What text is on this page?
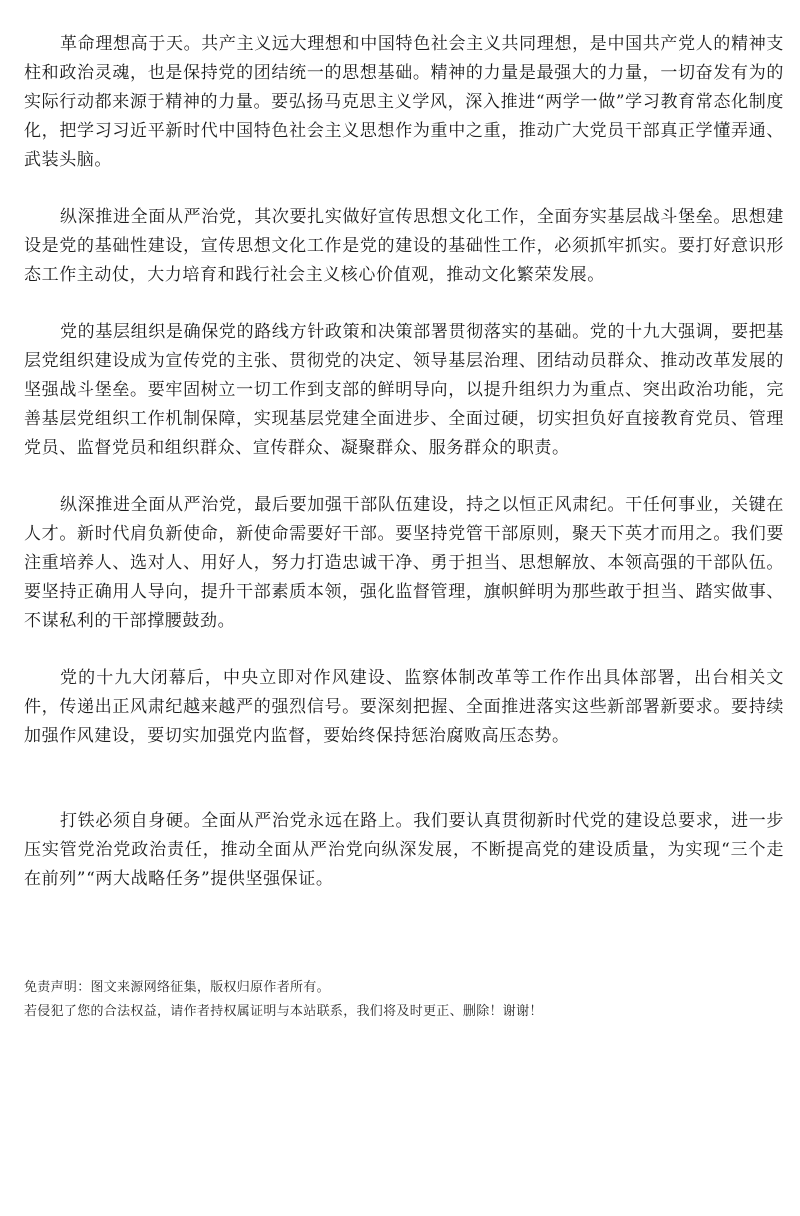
革命理想高于天。共产主义远大理想和中国特色社会主义共同理想，是中国共产党人的精神支柱和政治灵魂，也是保持党的团结统一的思想基础。精神的力量是最强大的力量，一切奋发有为的实际行动都来源于精神的力量。要弘扬马克思主义学风，深入推进“两学一做”学习教育常态化制度化，把学习习近平新时代中国特色社会主义思想作为重中之重，推动广大党员干部真正学懂弄通、武装头脑。

纵深推进全面从严治党，其次要扎实做好宣传思想文化工作，全面夯实基层战斗堡垒。思想建设是党的基础性建设，宣传思想文化工作是党的建设的基础性工作，必须抓牢抓实。要打好意识形态工作主动仗，大力培育和践行社会主义核心价值观，推动文化繁荣发展。

党的基层组织是确保党的路线方针政策和决策部署贯彻落实的基础。党的十九大强调，要把基层党组织建设成为宣传党的主张、贯彻党的决定、领导基层治理、团结动员群众、推动改革发展的坚强战斗堡垒。要牢固树立一切工作到支部的鲜明导向，以提升组织力为重点、突出政治功能，完善基层党组织工作机制保障，实现基层党建全面进步、全面过硬，切实担负好直接教育党员、管理党员、监督党员和组织群众、宣传群众、凝聚群众、服务群众的职责。

纵深推进全面从严治党，最后要加强干部队伍建设，持之以恒正风肃纪。干任何事业，关键在人才。新时代肩负新使命，新使命需要好干部。要坚持党管干部原则，聚天下英才而用之。我们要注重培养人、选对人、用好人，努力打造忠诚干净、勇于担当、思想解放、本领高强的干部队伍。要坚持正确用人导向，提升干部素质本领，强化监督管理，旗帜鲜明为那些敢于担当、踏实做事、不谋私利的干部撑腰鼓劲。

党的十九大闭幕后，中央立即对作风建设、监察体制改革等工作作出具体部署，出台相关文件，传递出正风肃纪越来越严的强烈信号。要深刻把握、全面推进落实这些新部署新要求。要持续加强作风建设，要切实加强党内监督，要始终保持惩治腐败高压态势。

打铁必须自身硬。全面从严治党永远在路上。我们要认真贯彻新时代党的建设总要求，进一步压实管党治党政治责任，推动全面从严治党向纵深发展，不断提高党的建设质量，为实现“三个走在前列”“两大战略任务”提供坚强保证。

免责声明：图文来源网络征集，版权归原作者所有。
若侵犯了您的合法权益，请作者持权属证明与本站联系，我们将及时更正、删除！谢谢！
